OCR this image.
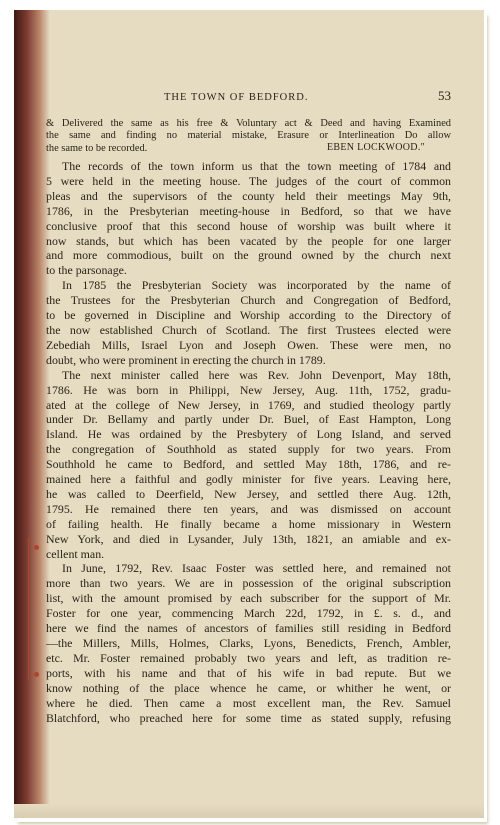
THE TOWN OF BEDFORD.	53
& Delivered the same as his free & Voluntary act & Deed and having Examined
the same and finding no material mistake, Erasure or Interlineation Do allow
the same to be recorded.	EBEN LOCKWOOD."
The records of the town inform us that the town meeting of 1784 and
5 were held in the meeting house. The judges of the court of common
pleas and the supervisors of the county held their meetings May 9th,
1786, in the Presbyterian meeting-house in Bedford, so that we have
conclusive proof that this second house of worship was built where it
now stands, but which has been vacated by the people for one larger
and more commodious, built on the ground owned by the church next
to the parsonage.
In 1785 the Presbyterian Society was incorporated by the name of
the Trustees for the Presbyterian Church and Congregation of Bedford,
to be governed in Discipline and Worship according to the Directory of
the now established Church of Scotland. The first Trustees elected were
Zebediah Mills, Israel Lyon and Joseph Owen. These were men, no
doubt, who were prominent in erecting the church in 1789.
The next minister called here was Rev. John Devenport, May 18th,
1786. He was born in Philippi, New Jersey, Aug. 11th, 1752, gradu-
ated at the college of New Jersey, in 1769, and studied theology partly
under Dr. Bellamy and partly under Dr. Buel, of East Hampton, Long
Island. He was ordained by the Presbytery of Long Island, and served
the congregation of Southhold as stated supply for two years. From
Southhold he came to Bedford, and settled May 18th, 1786, and re-
mained here a faithful and godly minister for five years. Leaving here,
he was called to Deerfield, New Jersey, and settled there Aug. 12th,
1795. He remained there ten years, and was dismissed on account
of failing health. He finally became a home missionary in Western
New York, and died in Lysander, July 13th, 1821, an amiable and ex-
cellent man.
In June, 1792, Rev. Isaac Foster was settled here, and remained not
more than two years. We are in possession of the original subscription
list, with the amount promised by each subscriber for the support of Mr.
Foster for one year, commencing March 22d, 1792, in £. s. d., and
here we find the names of ancestors of families still residing in Bedford
—the Millers, Mills, Holmes, Clarks, Lyons, Benedicts, French, Ambler,
etc. Mr. Foster remained probably two years and left, as tradition re-
ports, with his name and that of his wife in bad repute. But we
know nothing of the place whence he came, or whither he went, or
where he died. Then came a most excellent man, the Rev. Samuel
Blatchford, who preached here for some time as stated supply, refusing
